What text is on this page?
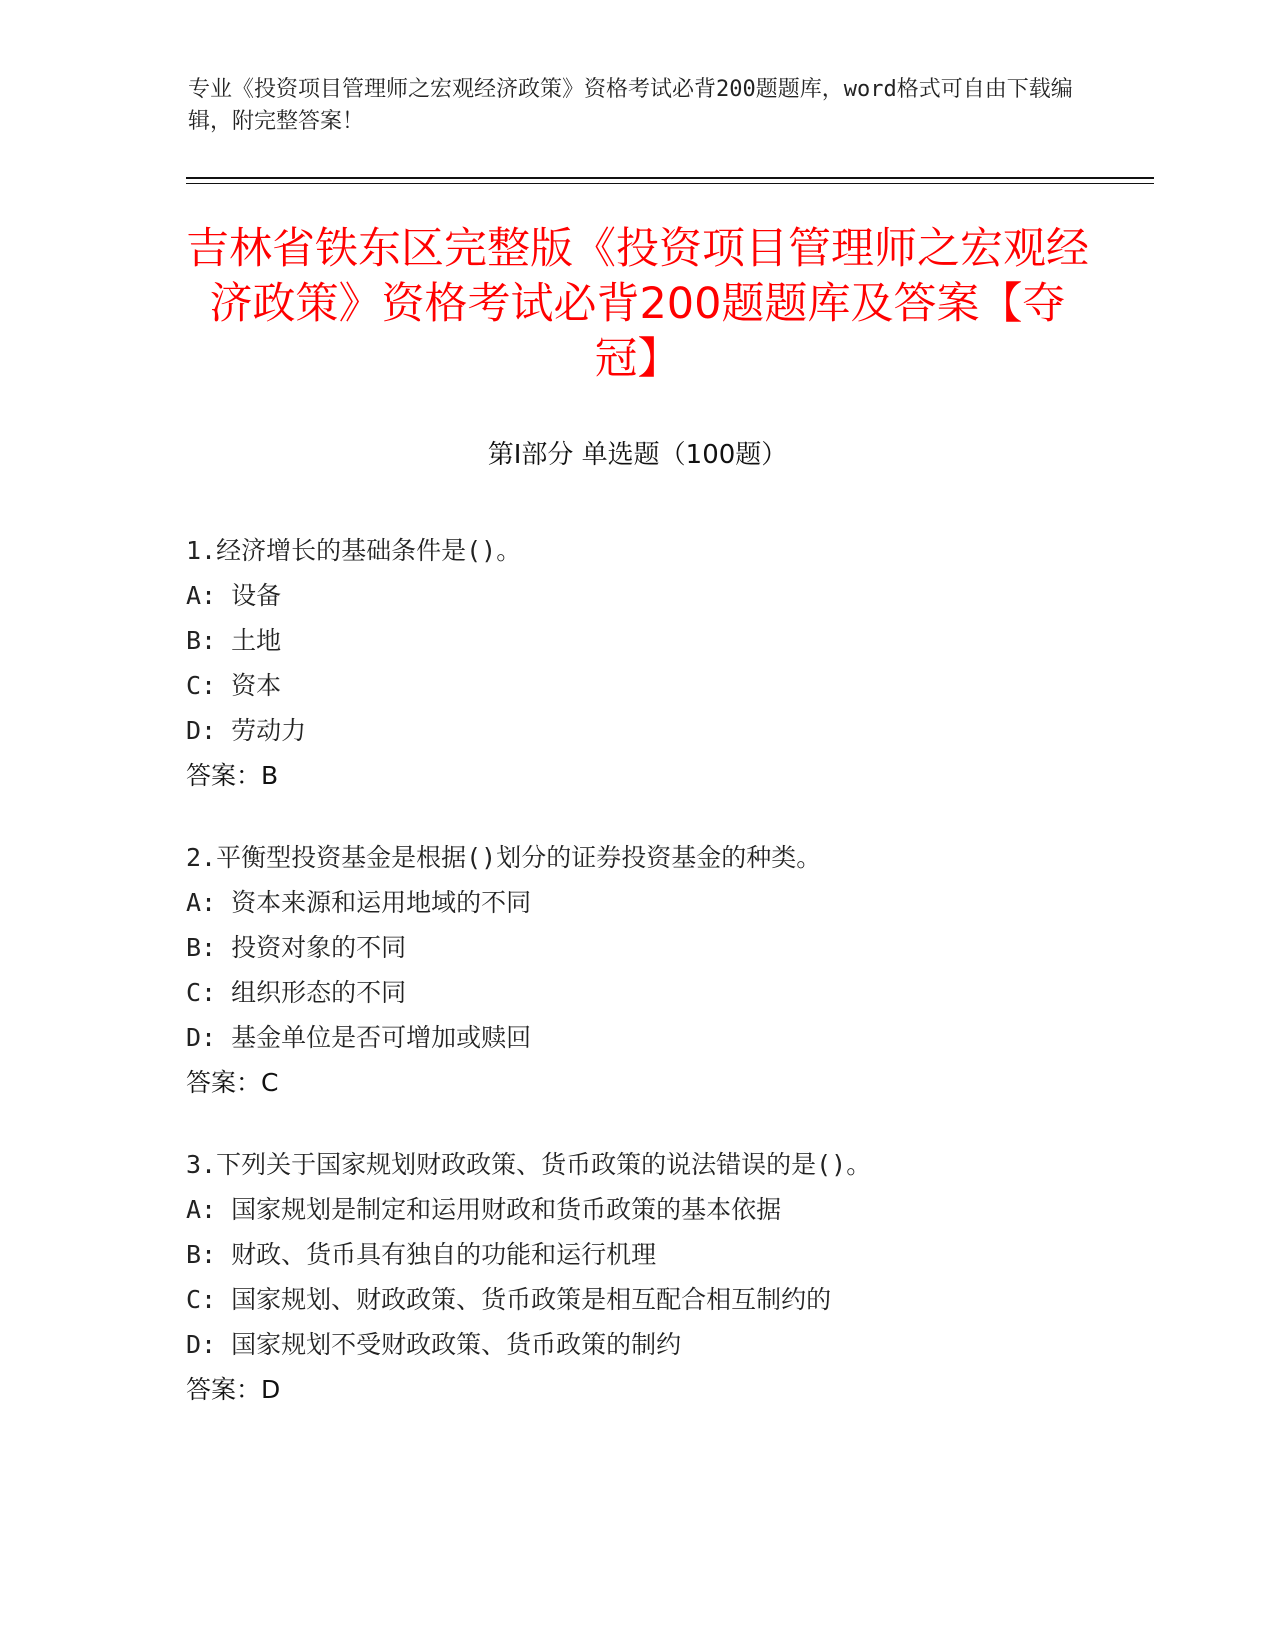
专业《投资项目管理师之宏观经济政策》资格考试必背200题题库，word格式可自由下载编辑，附完整答案！
吉林省铁东区完整版《投资项目管理师之宏观经济政策》资格考试必背200题题库及答案【夺冠】
第Ⅰ部分 单选题（100题）
1.经济增长的基础条件是()。
A: 设备
B: 土地
C: 资本
D: 劳动力
答案：B
2.平衡型投资基金是根据()划分的证券投资基金的种类。
A: 资本来源和运用地域的不同
B: 投资对象的不同
C: 组织形态的不同
D: 基金单位是否可增加或赎回
答案：C
3.下列关于国家规划财政政策、货币政策的说法错误的是()。
A: 国家规划是制定和运用财政和货币政策的基本依据
B: 财政、货币具有独自的功能和运行机理
C: 国家规划、财政政策、货币政策是相互配合相互制约的
D: 国家规划不受财政政策、货币政策的制约
答案：D
